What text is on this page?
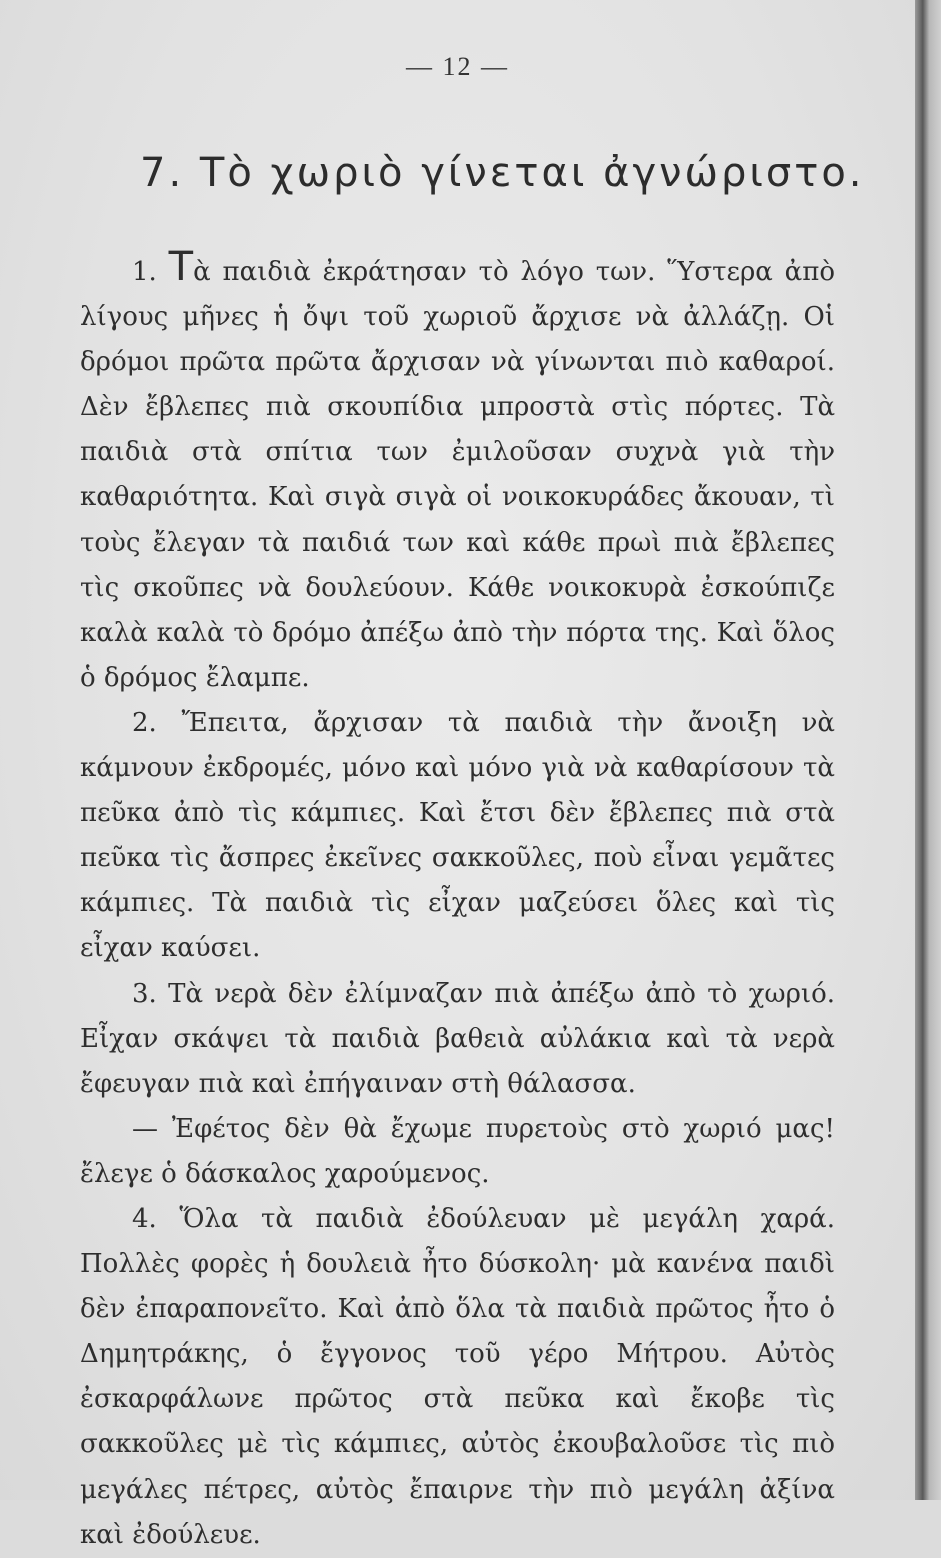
— 12 —
7. Τὸ χωριὸ γίνεται ἀγνώριστο.

1. Τὰ παιδιὰ ἐκράτησαν τὸ λόγο των. Ὕστερα ἀπὸ λίγους μῆνες ἡ ὄψι τοῦ χωριοῦ ἄρχισε νὰ ἀλλάζῃ. Οἱ δρόμοι πρῶτα πρῶτα ἄρχισαν νὰ γίνωνται πιὸ καθαροί. Δὲν ἔβλεπες πιὰ σκουπίδια μπροστὰ στὶς πόρτες. Τὰ παιδιὰ στὰ σπίτια των ἐμιλοῦσαν συχνὰ γιὰ τὴν καθαριότητα. Καὶ σιγὰ σιγὰ οἱ νοικοκυράδες ἄκουαν, τὶ τοὺς ἔλεγαν τὰ παιδιά των καὶ κάθε πρωὶ πιὰ ἔβλεπες τὶς σκοῦπες νὰ δουλεύουν. Κάθε νοικοκυρὰ ἐσκούπιζε καλὰ καλὰ τὸ δρόμο ἀπέξω ἀπὸ τὴν πόρτα της. Καὶ ὅλος ὁ δρόμος ἔλαμπε.

2. Ἔπειτα, ἄρχισαν τὰ παιδιὰ τὴν ἄνοιξη νὰ κάμνουν ἐκδρομές, μόνο καὶ μόνο γιὰ νὰ καθαρίσουν τὰ πεῦκα ἀπὸ τὶς κάμπιες. Καὶ ἔτσι δὲν ἔβλεπες πιὰ στὰ πεῦκα τὶς ἄσπρες ἐκεῖνες σακκοῦλες, ποὺ εἶναι γεμᾶτες κάμπιες. Τὰ παιδιὰ τὶς εἶχαν μαζεύσει ὅλες καὶ τὶς εἶχαν καύσει.

3. Τὰ νερὰ δὲν ἐλίμναζαν πιὰ ἀπέξω ἀπὸ τὸ χωριό. Εἶχαν σκάψει τὰ παιδιὰ βαθειὰ αὐλάκια καὶ τὰ νερὰ ἔφευγαν πιὰ καὶ ἐπήγαιναν στὴ θάλασσα.

— Ἐφέτος δὲν θὰ ἔχωμε πυρετοὺς στὸ χωριό μας! ἔλεγε ὁ δάσκαλος χαρούμενος.

4. Ὅλα τὰ παιδιὰ ἐδούλευαν μὲ μεγάλη χαρά. Πολλὲς φορὲς ἡ δουλειὰ ἦτο δύσκολη· μὰ κανένα παιδὶ δὲν ἐπαραπονεῖτο. Καὶ ἀπὸ ὅλα τὰ παιδιὰ πρῶτος ἦτο ὁ Δημητράκης, ὁ ἔγγονος τοῦ γέρο Μήτρου. Αὐτὸς ἐσκαρφάλωνε πρῶτος στὰ πεῦκα καὶ ἔκοβε τὶς σακκοῦλες μὲ τὶς κάμπιες, αὐτὸς ἐκουβαλοῦσε τὶς πιὸ μεγάλες πέτρες, αὐτὸς ἔπαιρνε τὴν πιὸ μεγάλη ἀξίνα καὶ ἐδούλευε.
